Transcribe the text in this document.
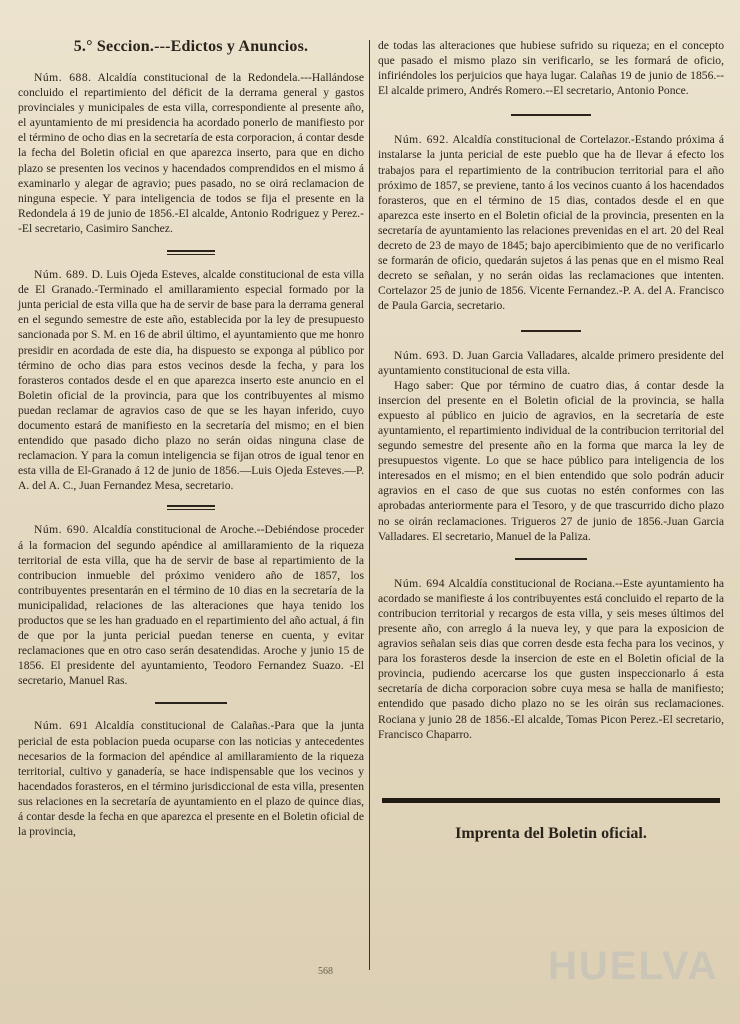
5.° Seccion.---Edictos y Anuncios.

Núm. 688. Alcaldía constitucional de la Redondela.---Hallándose concluido el repartimiento del déficit de la derrama general y gastos provinciales y municipales de esta villa, correspondiente al presente año, el ayuntamiento de mi presidencia ha acordado ponerlo de manifiesto por el término de ocho dias en la secretaría de esta corporacion, á contar desde la fecha del Boletin oficial en que aparezca inserto, para que en dicho plazo se presenten los vecinos y hacendados comprendidos en el mismo á examinarlo y alegar de agravio; pues pasado, no se oirá reclamacion de ninguna especie. Y para inteligencia de todos se fija el presente en la Redondela á 19 de junio de 1856.-El alcalde, Antonio Rodriguez y Perez.--El secretario, Casimiro Sanchez.

Núm. 689. D. Luis Ojeda Esteves, alcalde constitucional de esta villa de El Granado.-Terminado el amillaramiento especial formado por la junta pericial de esta villa que ha de servir de base para la derrama general en el segundo semestre de este año, establecida por la ley de presupuesto sancionada por S. M. en 16 de abril último, el ayuntamiento que me honro presidir en acordada de este dia, ha dispuesto se exponga al público por término de ocho dias para estos vecinos desde la fecha, y para los forasteros contados desde el en que aparezca inserto este anuncio en el Boletin oficial de la provincia, para que los contribuyentes al mismo puedan reclamar de agravios caso de que se les hayan inferido, cuyo documento estará de manifiesto en la secretaría del mismo; en el bien entendido que pasado dicho plazo no serán oidas ninguna clase de reclamacion. Y para la comun inteligencia se fijan otros de igual tenor en esta villa de El-Granado á 12 de junio de 1856.—Luis Ojeda Esteves.—P. A. del A. C., Juan Fernandez Mesa, secretario.

Núm. 690. Alcaldía constitucional de Aroche.--Debiéndose proceder á la formacion del segundo apéndice al amillaramiento de la riqueza territorial de esta villa, que ha de servir de base al repartimiento de la contribucion inmueble del próximo venidero año de 1857, los contribuyentes presentarán en el término de 10 dias en la secretaría de la municipalidad, relaciones de las alteraciones que haya tenido los productos que se les han graduado en el repartimiento del año actual, á fin de que por la junta pericial puedan tenerse en cuenta, y evitar reclamaciones que en otro caso serán desatendidas. Aroche y junio 15 de 1856. El presidente del ayuntamiento, Teodoro Fernandez Suazo. -El secretario, Manuel Ras.

Núm. 691 Alcaldía constitucional de Calañas.-Para que la junta pericial de esta poblacion pueda ocuparse con las noticias y antecedentes necesarios de la formacion del apéndice al amillaramiento de la riqueza territorial, cultivo y ganadería, se hace indispensable que los vecinos y hacendados forasteros, en el término jurisdiccional de esta villa, presenten sus relaciones en la secretaría de ayuntamiento en el plazo de quince dias, á contar desde la fecha en que aparezca el presente en el Boletin oficial de la provincia,

de todas las alteraciones que hubiese sufrido su riqueza; en el concepto que pasado el mismo plazo sin verificarlo, se les formará de oficio, infiriéndoles los perjuicios que haya lugar. Calañas 19 de junio de 1856.--El alcalde primero, Andrés Romero.--El secretario, Antonio Ponce.

Núm. 692. Alcaldía constitucional de Cortelazor.-Estando próxima á instalarse la junta pericial de este pueblo que ha de llevar á efecto los trabajos para el repartimiento de la contribucion territorial para el año próximo de 1857, se previene, tanto á los vecinos cuanto á los hacendados forasteros, que en el término de 15 dias, contados desde el en que aparezca este inserto en el Boletin oficial de la provincia, presenten en la secretaría de ayuntamiento las relaciones prevenidas en el art. 20 del Real decreto de 23 de mayo de 1845; bajo apercibimiento que de no verificarlo se formarán de oficio, quedarán sujetos á las penas que en el mismo Real decreto se señalan, y no serán oidas las reclamaciones que intenten. Cortelazor 25 de junio de 1856. Vicente Fernandez.-P. A. del A. Francisco de Paula Garcia, secretario.

Núm. 693. D. Juan Garcia Valladares, alcalde primero presidente del ayuntamiento constitucional de esta villa.

Hago saber: Que por término de cuatro dias, á contar desde la insercion del presente en el Boletin oficial de la provincia, se halla expuesto al público en juicio de agravios, en la secretaría de este ayuntamiento, el repartimiento individual de la contribucion territorial del segundo semestre del presente año en la forma que marca la ley de presupuestos vigente. Lo que se hace público para inteligencia de los interesados en el mismo; en el bien entendido que solo podrán aducir agravios en el caso de que sus cuotas no estén conformes con las aprobadas anteriormente para el Tesoro, y de que trascurrido dicho plazo no se oirán reclamaciones. Trigueros 27 de junio de 1856.-Juan Garcia Valladares. El secretario, Manuel de la Paliza.

Núm. 694 Alcaldía constitucional de Rociana.--Este ayuntamiento ha acordado se manifieste á los contribuyentes está concluido el reparto de la contribucion territorial y recargos de esta villa, y seis meses últimos del presente año, con arreglo á la nueva ley, y que para la exposicion de agravios señalan seis dias que corren desde esta fecha para los vecinos, y para los forasteros desde la insercion de este en el Boletin oficial de la provincia, pudiendo acercarse los que gusten inspeccionarlo á esta secretaría de dicha corporacion sobre cuya mesa se halla de manifiesto; entendido que pasado dicho plazo no se les oirán sus reclamaciones. Rociana y junio 28 de 1856.-El alcalde, Tomas Picon Perez.-El secretario, Francisco Chaparro.

Imprenta del Boletin oficial.
HUELVA
568
